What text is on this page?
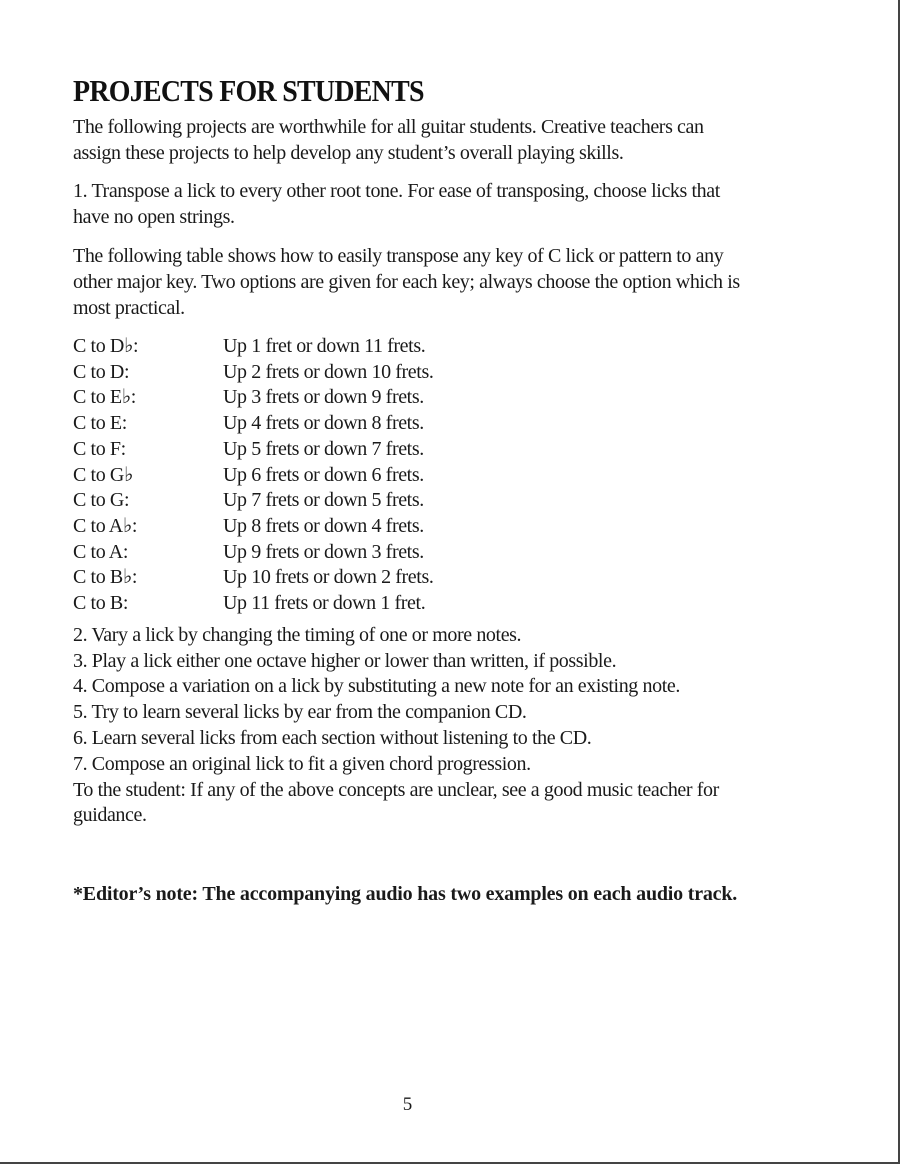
PROJECTS FOR STUDENTS

The following projects are worthwhile for all guitar students. Creative teachers can assign these projects to help develop any student’s overall playing skills.

1. Transpose a lick to every other root tone. For ease of transposing, choose licks that have no open strings.

The following table shows how to easily transpose any key of C lick or pattern to any other major key. Two options are given for each key; always choose the option which is most practical.

C to D♭:	Up 1 fret or down 11 frets.
C to D:	Up 2 frets or down 10 frets.
C to E♭:	Up 3 frets or down 9 frets.
C to E:	Up 4 frets or down 8 frets.
C to F:	Up 5 frets or down 7 frets.
C to G♭	Up 6 frets or down 6 frets.
C to G:	Up 7 frets or down 5 frets.
C to A♭:	Up 8 frets or down 4 frets.
C to A:	Up 9 frets or down 3 frets.
C to B♭:	Up 10 frets or down 2 frets.
C to B:	Up 11 frets or down 1 fret.
2. Vary a lick by changing the timing of one or more notes.
3. Play a lick either one octave higher or lower than written, if possible.
4. Compose a variation on a lick by substituting a new note for an existing note.
5. Try to learn several licks by ear from the companion CD.
6. Learn several licks from each section without listening to the CD.
7. Compose an original lick to fit a given chord progression.
To the student: If any of the above concepts are unclear, see a good music teacher for guidance.

*Editor’s note: The accompanying audio has two examples on each audio track.

5
